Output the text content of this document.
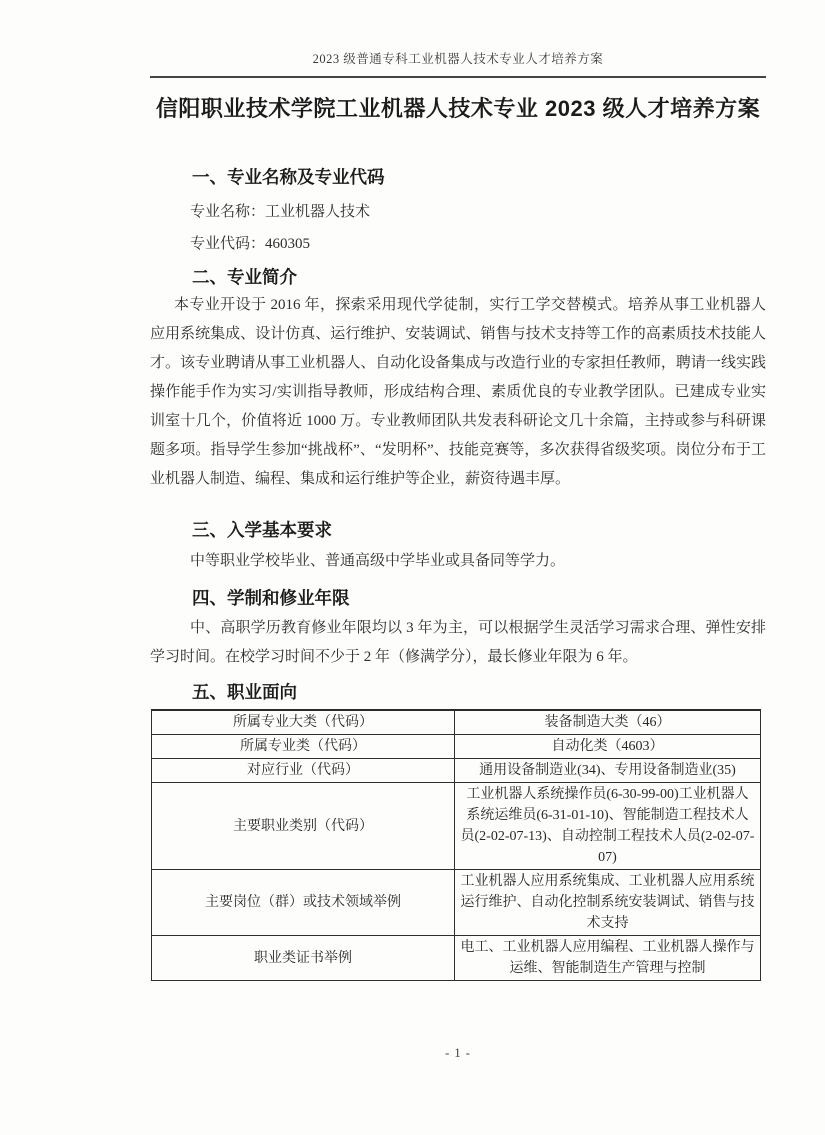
2023 级普通专科工业机器人技术专业人才培养方案
信阳职业技术学院工业机器人技术专业 2023 级人才培养方案
一、专业名称及专业代码
专业名称：工业机器人技术
专业代码：460305
二、专业简介

本专业开设于 2016 年，探索采用现代学徒制，实行工学交替模式。培养从事工业机器人应用系统集成、设计仿真、运行维护、安装调试、销售与技术支持等工作的高素质技术技能人才。该专业聘请从事工业机器人、自动化设备集成与改造行业的专家担任教师，聘请一线实践操作能手作为实习/实训指导教师，形成结构合理、素质优良的专业教学团队。已建成专业实训室十几个，价值将近 1000 万。专业教师团队共发表科研论文几十余篇，主持或参与科研课题多项。指导学生参加“挑战杯”、“发明杯”、技能竞赛等，多次获得省级奖项。岗位分布于工业机器人制造、编程、集成和运行维护等企业，薪资待遇丰厚。

三、入学基本要求

中等职业学校毕业、普通高级中学毕业或具备同等学力。

四、学制和修业年限

中、高职学历教育修业年限均以 3 年为主，可以根据学生灵活学习需求合理、弹性安排学习时间。在校学习时间不少于 2 年（修满学分），最长修业年限为 6 年。

五、职业面向
所属专业大类（代码）	装备制造大类（46）
所属专业类（代码）	自动化类（4603）
对应行业（代码）	通用设备制造业(34)、专用设备制造业(35)
主要职业类别（代码）	工业机器人系统操作员(6-30-99-00)工业机器人系统运维员(6-31-01-10)、智能制造工程技术人员(2-02-07-13)、自动控制工程技术人员(2-02-07-07)
主要岗位（群）或技术领域举例	工业机器人应用系统集成、工业机器人应用系统运行维护、自动化控制系统安装调试、销售与技术支持
职业类证书举例	电工、工业机器人应用编程、工业机器人操作与运维、智能制造生产管理与控制
- 1 -
